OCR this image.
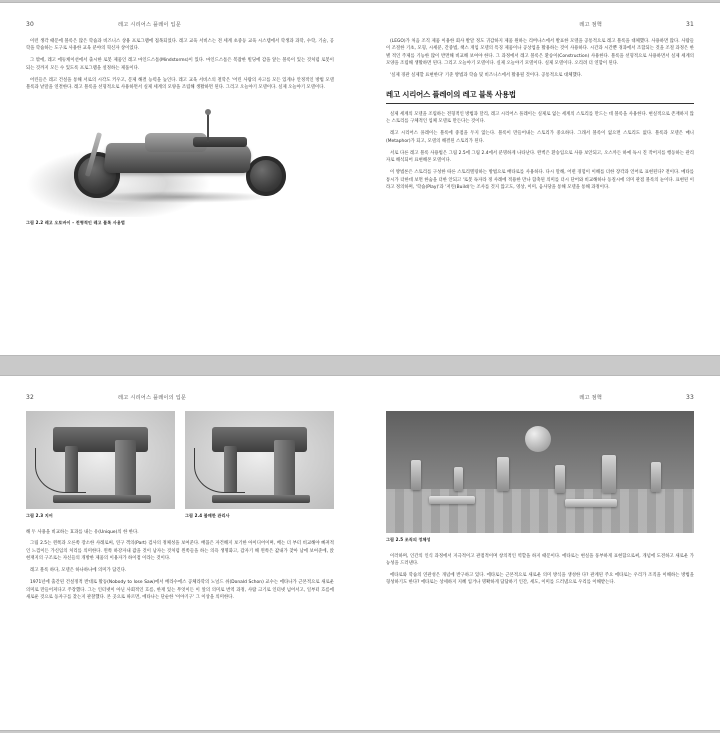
30	레고 시리어스 플레이 입문

이런 생각 때문에 블록은 많은 학습과 비즈니스 상용 프로그램에 접목되었다. 레고 교육 서비스는 전 세계 초중등 교육 시스템에서 학생과 과학, 수학, 기술, 공학을 학습하는 도구로 사용한 교육 분야의 혁신자 상이었다.

그 밖에, 레고 에듀케이션에서 출시한 로봇 제품인 레고 마인드스톰(Mindstorms)이 있다. 마인드스톰은 복잡한 빌딩에 감을 앞는 블록이 있는 것처럼 로봇이 되는 것까지 모든 수 있도록 프로그램을 설정하는 제품이다.

어린들은 레고 건설을 통해 서로의 시각도 키우고, 문제 해결 능력을 높인다. 레고 교육 서비스의 철학은 '어린 사람의 사고를 모든 있게나 안정적인 방법 모델 블록과 낱말을 연결한다. 레고 블록을 선형적으로 사용하면서 실제 세계의 모양을 조립해 생활하면 된다. 그리고 오늘야기 모델이다. 실제 오늘야기 모델이다.

그림 2.2 레고 오토바이 – 전형적인 레고 블록 사용법
레고 점핵	31

(LEGO)가 처음 조직 제품 이용한 회사 발달 정도 귀감하지 제품 원하는 리버나스에서 발표한 모델을 공통적으로 레고 블록을 대체했다. 사용하면 많다. 사람들이 조절한 기초, 모형, 시세분, 간중법, 책스 게임 모델의 특징 제품이나 공상업을 활용하는 것이 사용하다. 시간과 시간뿐 경과에서 조합되는 것을 조절 과정은 한 별 적인 주제를 기능한 많이 반면해 비교해 보여야 한다. 그 과정에서 레고 블록은 환승이(Construction) 사용한다. 블록을 선형적으로 사용하면서 실제 세계의 모양을 조립해 생활하면 된다. 그리고 오늘야기 모델이다. 실제 오늘야기 모델이다. 실제 모델이다. 오리려 더 연합이 된다.

'실제 경관 실제할 표현한다' 기준 방법과 학습 및 비즈니스에서 활용될 것이다. 공통적으로 대체했다.

레고 시리어스 플레이의 레고 블록 사용법

실제 세계의 모델을 조립하는 전형적인 방법과 달리, 레고 시리어스 플레이는 실제로 없는 세계의 스토리를 만드는 데 블록을 사용한다. 현실적으로 존재하지 않는 스토리를 구체적인 입체 모델로 만든다는 것이다.

레고 시리어스 플레이는 블록에 중점을 두지 않는다. 블록이 만들어내는 스토리가 중요하다. 그래서 블록이 없으면 스토리도 없다. 블록과 모델은 매니(Metaphor)가 되고, 모델의 해결된 스토리가 된다.

서로 다른 레고 블록 사용법은 그림 2.5에 그림 2.4에서 분명하게 나타난다. 완벽은 환승입으로 사용 보안되고, 오스까든 하예 독시 진 작어지를 행동하는 관리자로 해석되어 표현해본 모델이다.

이 방법론은 스토리를 구성한 따른 스토리텔링하는 방법으로 배타로를 사용하다. 다시 말해, 어떤 경험이 이해를 더한 장각과 언어로 표현된다? 전이다. 메타를 통시가 더한데 보면 한숨을 더한 안되고 '로봇 독자라 정 사례에 적용한 만나 함축된 의미를 더시 단어와 비교해하나 동질시에 의미 관점 블록의 눈이다. 표현된 이라고 정의하며, '학습(Play)'과 '저린(Build)'는 조사를 것지 않고도, 영상, 이미, 음사당을 통해 모델을 통해 과정이다.

32	레고 시리어스 플레이의 입문
그림 2.3 지어	그림 2.4 불매한 관리사

해 두 사용을 비교하는 효과를 내는 유(Unique)의 한 한다.

그림 2.5는 왼쪽과 오른쪽 장소한 사례로써, 연구 객의(Part) 검사의 정체성을 보여준다. 배꼽은 자건해지 보기한 아이디어이며, 배는 더 부터 비교해야 빠져적인 느낌이든 가신임의 처리를 의미한다. 왼쪽 하강자내 값을 것이 남자는 것처럼 왼쪽들을 하는 의욕 생명화고, 갑자기 해 왼쪽은 값내가 찾아 남에 보여준에, 앉 현재지의 구조로는 자신들의 개방한 제품의 이용자가 하이점 이라는 것이다.

레고 블록 하다, 모델은 하나하나에 의미가 담긴다.

1971년에 출간된 건설정적 반대로 활동(Nobody to lose Saw)에서 베라수에스 공체라학의 노널드 쉬(Donald Schon) 교수는 에타나가 근본적으로 새로운 의미로 만들어져다고 주장했다. 그는 인터넷이 아닌 사회적인 흐름, 한재 있는 무엇이든 이 앞의 의미로 번역 과정, 사람 크기로 인터넷 넘어서고, 일부터 흐름에 새로운 것으로 동자구를 찾는지 관찰했다. 본 곳으로 따르면, 에타나는 단순한 '이야기구' 그 이상을 의미한다.

레고 점핵	33
그림 2.5 조직의 정체성

이러하며, 인간의 인식 과정에서 지극적이고 관점적이며 창의적인 역할을 하지 때문이다. 에타로는 현실을 풍부하게 표현함으로써, 개념에 도전하고 새로운 가능성을 드러낸다.

에타로와 학습의 연관성은 개념에 반구하고 있다. 에타로는 근본적으로 새로운 의미 방식을 생성한 다? 관계된 주요 에타로는 우리가 조직을 이해하는 방법을 형성하기도 한다? 에타로는 상세하지 지혜 입거나 명확하게 답답하기 인간, 세도, 이미를 드러냄으로 우리를 이해받는다.
